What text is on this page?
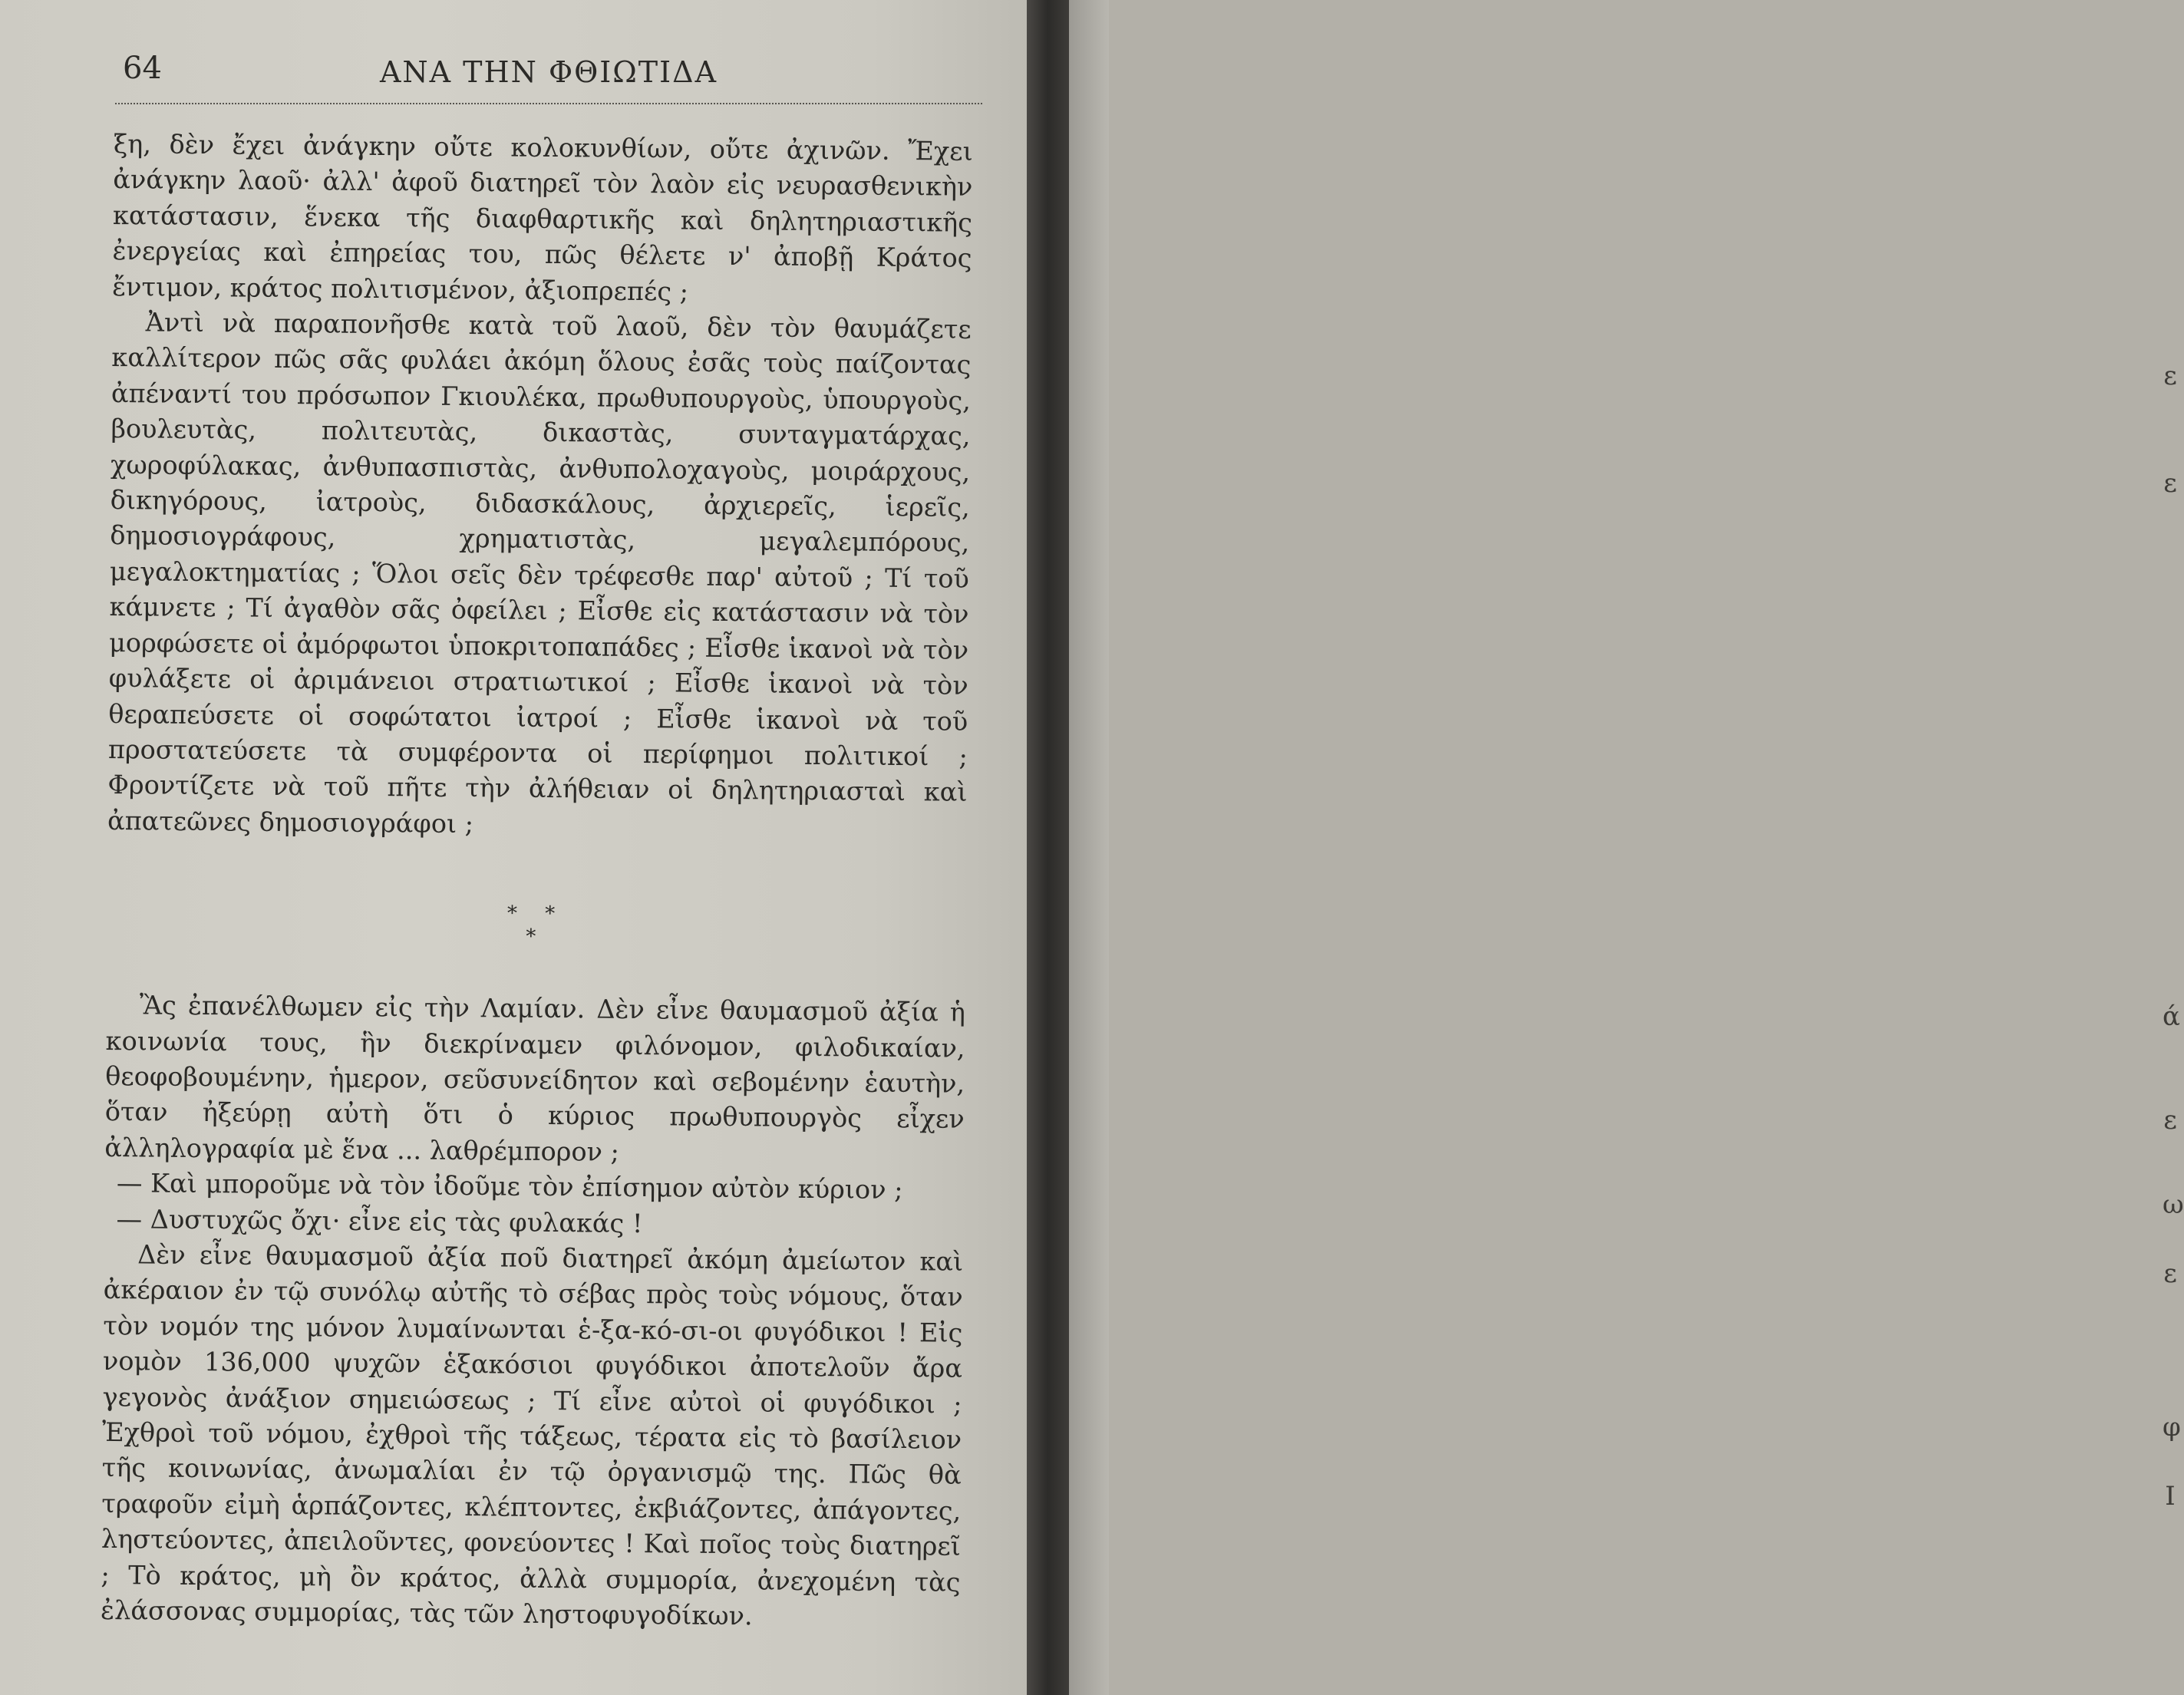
64	ΑΝΑ ΤΗΝ ΦΘΙΩΤΙΔΑ

ξη, δὲν ἔχει ἀνάγκην οὔτε κολοκυνθίων, οὔτε ἀχινῶν. Ἔχει ἀνάγκην λαοῦ· ἀλλ' ἀφοῦ διατηρεῖ τὸν λαὸν εἰς νευρασθενικὴν κατάστασιν, ἕνεκα τῆς διαφθαρτικῆς καὶ δηλητηριαστικῆς ἐνεργείας καὶ ἐπηρείας του, πῶς θέλετε ν' ἀποβῇ Κράτος ἔντιμον, κράτος πολιτισμένον, ἀξιοπρεπές ;

Ἀντὶ νὰ παραπονῆσθε κατὰ τοῦ λαοῦ, δὲν τὸν θαυμάζετε καλλίτερον πῶς σᾶς φυλάει ἀκόμη ὅλους ἐσᾶς τοὺς παίζοντας ἀπέναντί του πρόσωπον Γκιουλέκα, πρωθυπουργοὺς, ὑπουργοὺς, βουλευτὰς, πολιτευτὰς, δικαστὰς, συνταγματάρχας, χωροφύλακας, ἀνθυπασπιστὰς, ἀνθυπολοχαγοὺς, μοιράρχους, δικηγόρους, ἰατροὺς, διδασκάλους, ἀρχιερεῖς, ἱερεῖς, δημοσιογράφους, χρηματιστὰς, μεγαλεμπόρους, μεγαλοκτηματίας ; Ὅλοι σεῖς δὲν τρέφεσθε παρ' αὐτοῦ ; Τί τοῦ κάμνετε ; Τί ἀγαθὸν σᾶς ὀφείλει ; Εἶσθε εἰς κατάστασιν νὰ τὸν μορφώσετε οἱ ἀμόρφωτοι ὑποκριτοπαπάδες ; Εἶσθε ἱκανοὶ νὰ τὸν φυλάξετε οἱ ἀριμάνειοι στρατιωτικοί ; Εἶσθε ἱκανοὶ νὰ τὸν θεραπεύσετε οἱ σοφώτατοι ἰατροί ; Εἶσθε ἱκανοὶ νὰ τοῦ προστατεύσετε τὰ συμφέροντα οἱ περίφημοι πολιτικοί ; Φροντίζετε νὰ τοῦ πῆτε τὴν ἀλήθειαν οἱ δηλητηριασταὶ καὶ ἀπατεῶνες δημοσιογράφοι ;

* *
*

Ἂς ἐπανέλθωμεν εἰς τὴν Λαμίαν. Δὲν εἶνε θαυμασμοῦ ἀξία ἡ κοινωνία τους, ἣν διεκρίναμεν φιλόνομον, φιλοδικαίαν, θεοφοβουμένην, ἡμερον, σεῦσυνείδητον καὶ σεβομένην ἑαυτὴν, ὅταν ἠξεύρῃ αὐτὴ ὅτι ὁ κύριος πρωθυπουργὸς εἶχεν ἀλληλογραφία μὲ ἕνα ... λαθρέμπορον ;

— Καὶ μποροῦμε νὰ τὸν ἰδοῦμε τὸν ἐπίσημον αὐτὸν κύριον ;

— Δυστυχῶς ὄχι· εἶνε εἰς τὰς φυλακάς !

Δὲν εἶνε θαυμασμοῦ ἀξία ποῦ διατηρεῖ ἀκόμη ἀμείωτον καὶ ἀκέραιον ἐν τῷ συνόλῳ αὐτῆς τὸ σέβας πρὸς τοὺς νόμους, ὅταν τὸν νομόν της μόνον λυμαίνωνται ἑ-ξα-κό-σι-οι φυγόδικοι ! Εἰς νομὸν 136,000 ψυχῶν ἑξακόσιοι φυγόδικοι ἀποτελοῦν ἄρα γεγονὸς ἀνάξιον σημειώσεως ; Τί εἶνε αὐτοὶ οἱ φυγόδικοι ; Ἐχθροὶ τοῦ νόμου, ἐχθροὶ τῆς τάξεως, τέρατα εἰς τὸ βασίλειον τῆς κοινωνίας, ἀνωμαλίαι ἐν τῷ ὀργανισμῷ της. Πῶς θὰ τραφοῦν εἰμὴ ἁρπάζοντες, κλέπτοντες, ἐκβιάζοντες, ἀπάγοντες, ληστεύοντες, ἀπειλοῦντες, φονεύοντες ! Καὶ ποῖος τοὺς διατηρεῖ ; Τὸ κράτος, μὴ ὂν κράτος, ἀλλὰ συμμορία, ἀνεχομένη τὰς ἐλάσσονας συμμορίας, τὰς τῶν ληστοφυγοδίκων.

ε
ε
ά
ε
ω
ε
φ
Ι
